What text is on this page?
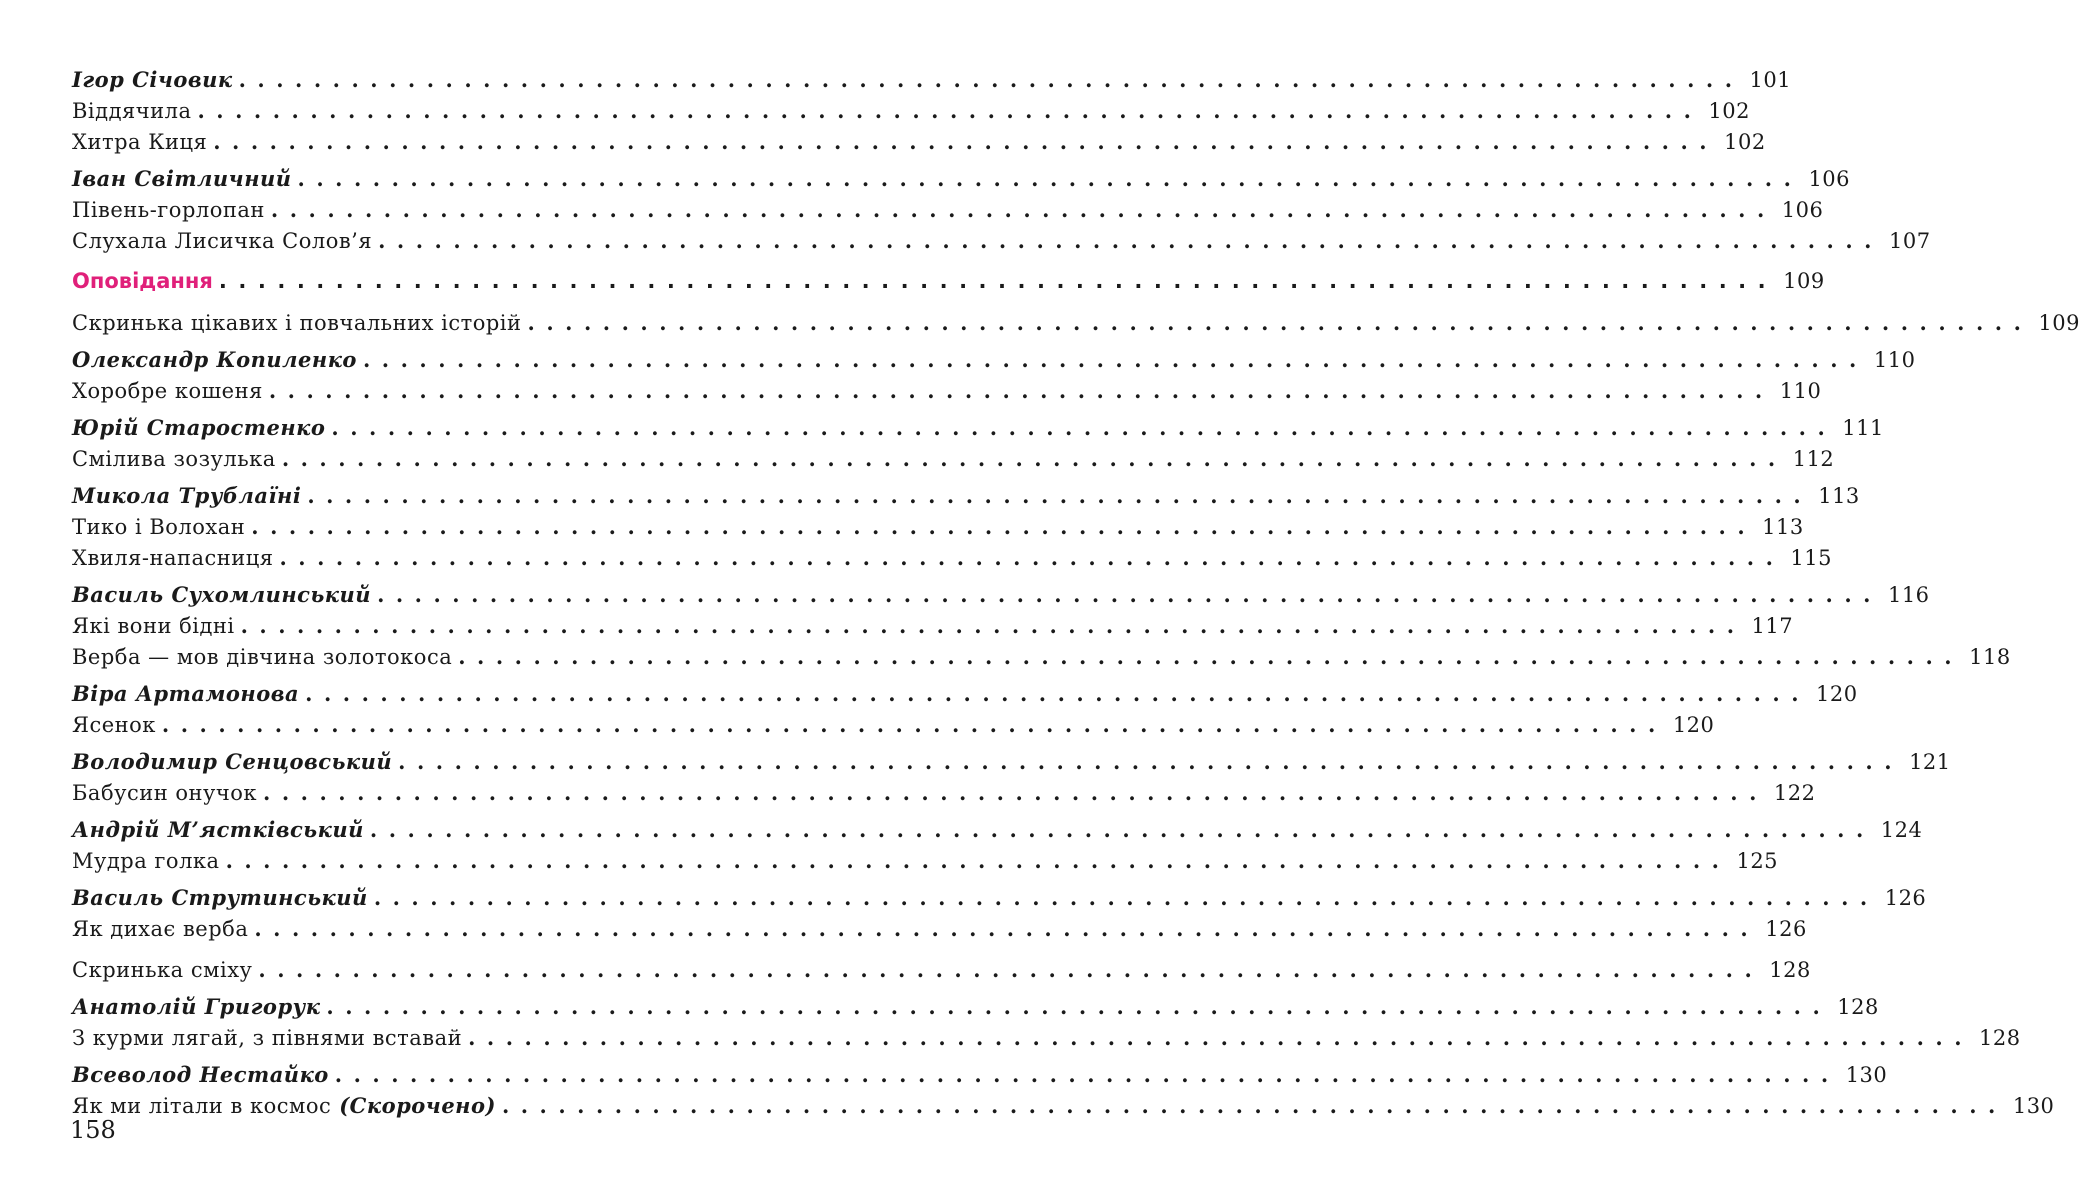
Ігор Січовик ................................................................................ 101
Віддячила ................................................................................ 102
Хитра Киця ................................................................................ 102
Іван Світличний ................................................................................ 106
Півень-горлопан ................................................................................ 106
Слухала Лисичка Солов’я ................................................................................ 107
Оповідання ................................................................................ 109
Скринька цікавих і повчальних історій ................................................................................ 109
Олександр Копиленко ................................................................................ 110
Хоробре кошеня ................................................................................ 110
Юрій Старостенко ................................................................................ 111
Смілива зозулька ................................................................................ 112
Микола Трублаїні ................................................................................ 113
Тико і Волохан ................................................................................ 113
Хвиля-напасниця ................................................................................ 115
Василь Сухомлинський ................................................................................ 116
Які вони бідні ................................................................................ 117
Верба — мов дівчина золотокоса ................................................................................ 118
Віра Артамонова ................................................................................ 120
Ясенок ................................................................................ 120
Володимир Сенцовський ................................................................................ 121
Бабусин онучок ................................................................................ 122
Андрій М’ястківський ................................................................................ 124
Мудра голка ................................................................................ 125
Василь Струтинський ................................................................................ 126
Як дихає верба ................................................................................ 126
Скринька сміху ................................................................................ 128
Анатолій Григорук ................................................................................ 128
З курми лягай, з півнями вставай ................................................................................ 128
Всеволод Нестайко ................................................................................ 130
Як ми літали в космос (Скорочено) ................................................................................ 130
158
